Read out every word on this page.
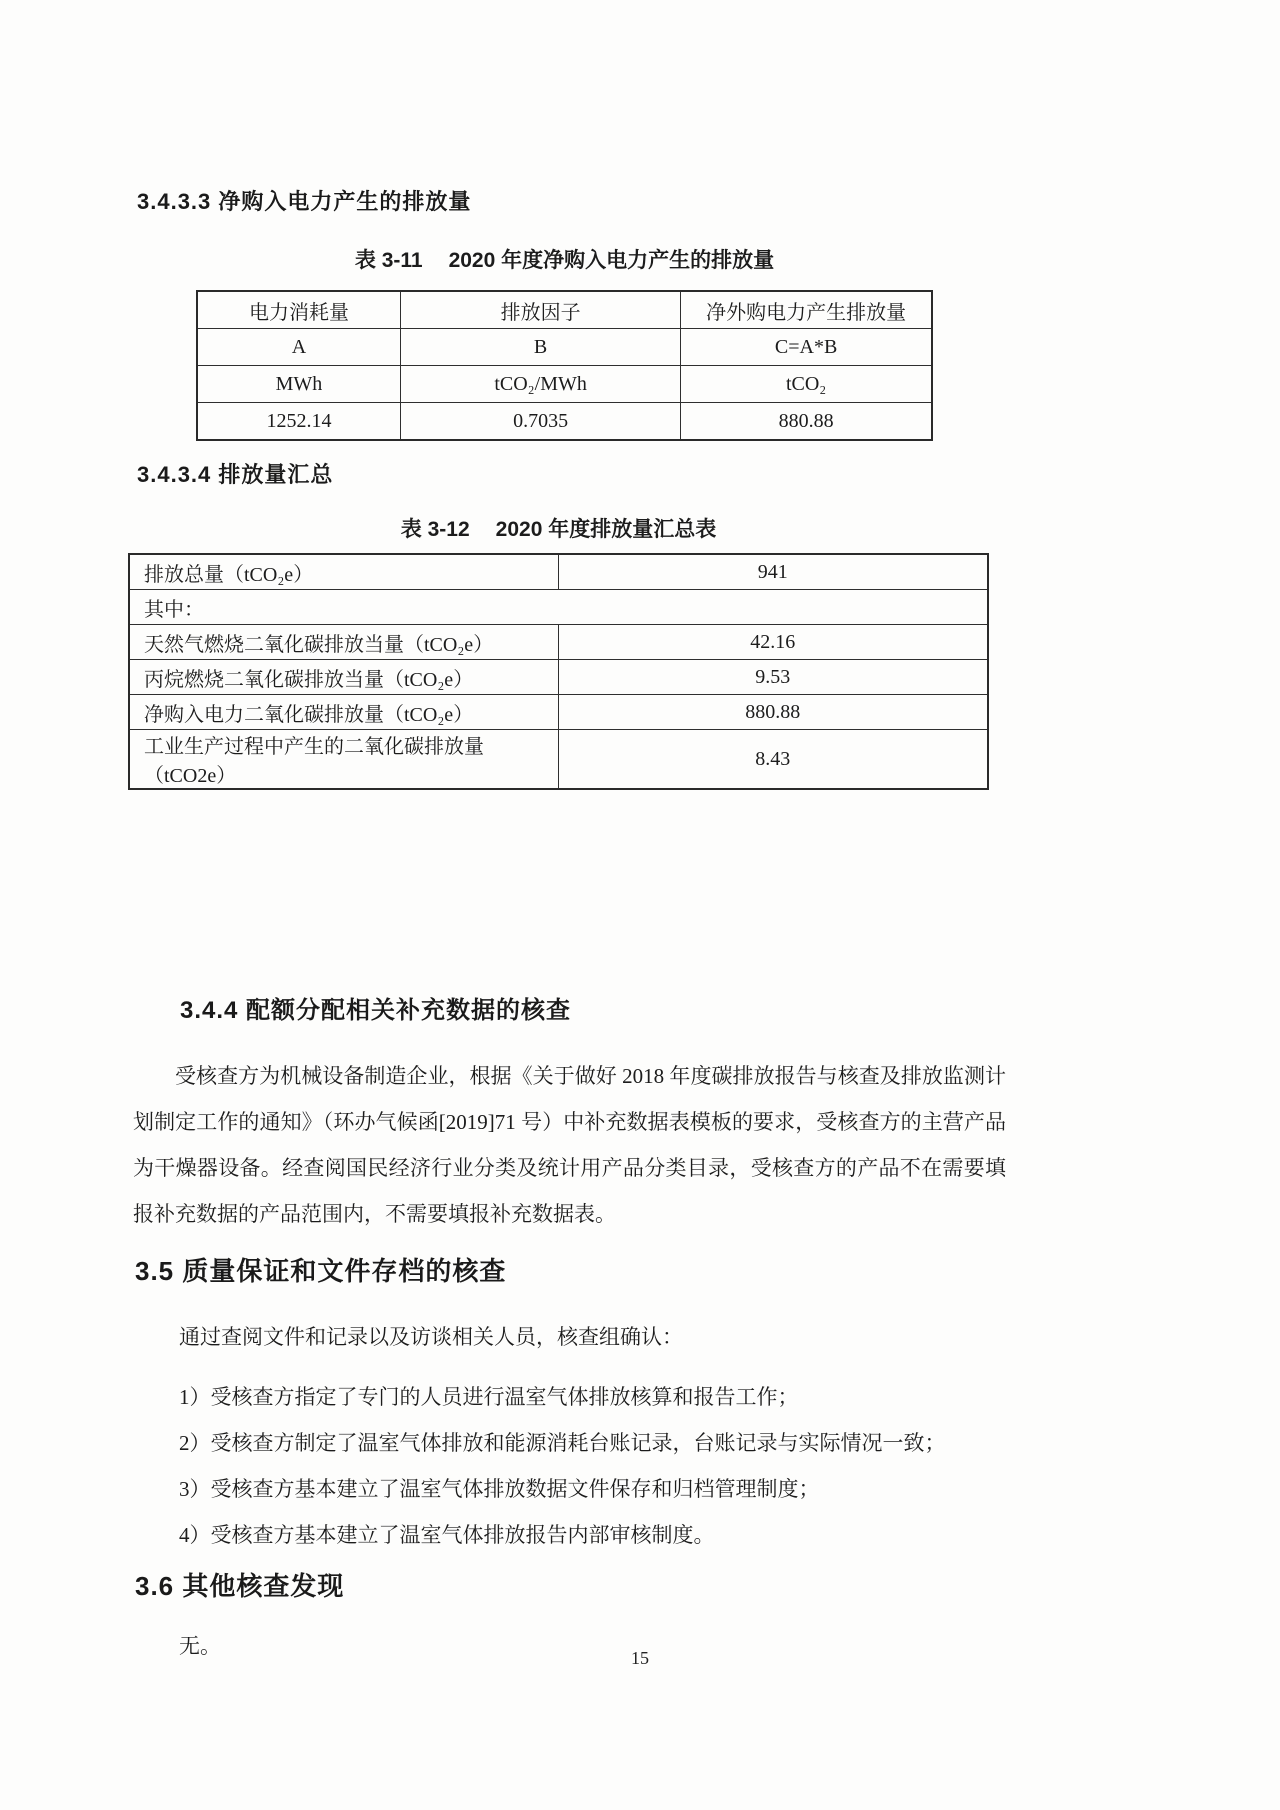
3.4.3.3 净购入电力产生的排放量
表 3-11 2020 年度净购入电力产生的排放量
电力消耗量	排放因子	净外购电力产生排放量
A	B	C=A*B
MWh	tCO₂/MWh	tCO₂
1252.14	0.7035	880.88
3.4.3.4 排放量汇总
表 3-12 2020 年度排放量汇总表
排放总量（tCO₂e）	941
其中：	
天然气燃烧二氧化碳排放当量（tCO₂e）	42.16
丙烷燃烧二氧化碳排放当量（tCO₂e）	9.53
净购入电力二氧化碳排放量（tCO₂e）	880.88
工业生产过程中产生的二氧化碳排放量（tCO2e）	8.43
3.4.4 配额分配相关补充数据的核查

受核查方为机械设备制造企业，根据《关于做好 2018 年度碳排放报告与核查及排放监测计划制定工作的通知》（环办气候函[2019]71 号）中补充数据表模板的要求，受核查方的主营产品为干燥器设备。经查阅国民经济行业分类及统计用产品分类目录，受核查方的产品不在需要填报补充数据的产品范围内，不需要填报补充数据表。

3.5 质量保证和文件存档的核查

通过查阅文件和记录以及访谈相关人员，核查组确认：

1）受核查方指定了专门的人员进行温室气体排放核算和报告工作；

2）受核查方制定了温室气体排放和能源消耗台账记录，台账记录与实际情况一致；

3）受核查方基本建立了温室气体排放数据文件保存和归档管理制度；

4）受核查方基本建立了温室气体排放报告内部审核制度。

3.6 其他核查发现

无。	15
